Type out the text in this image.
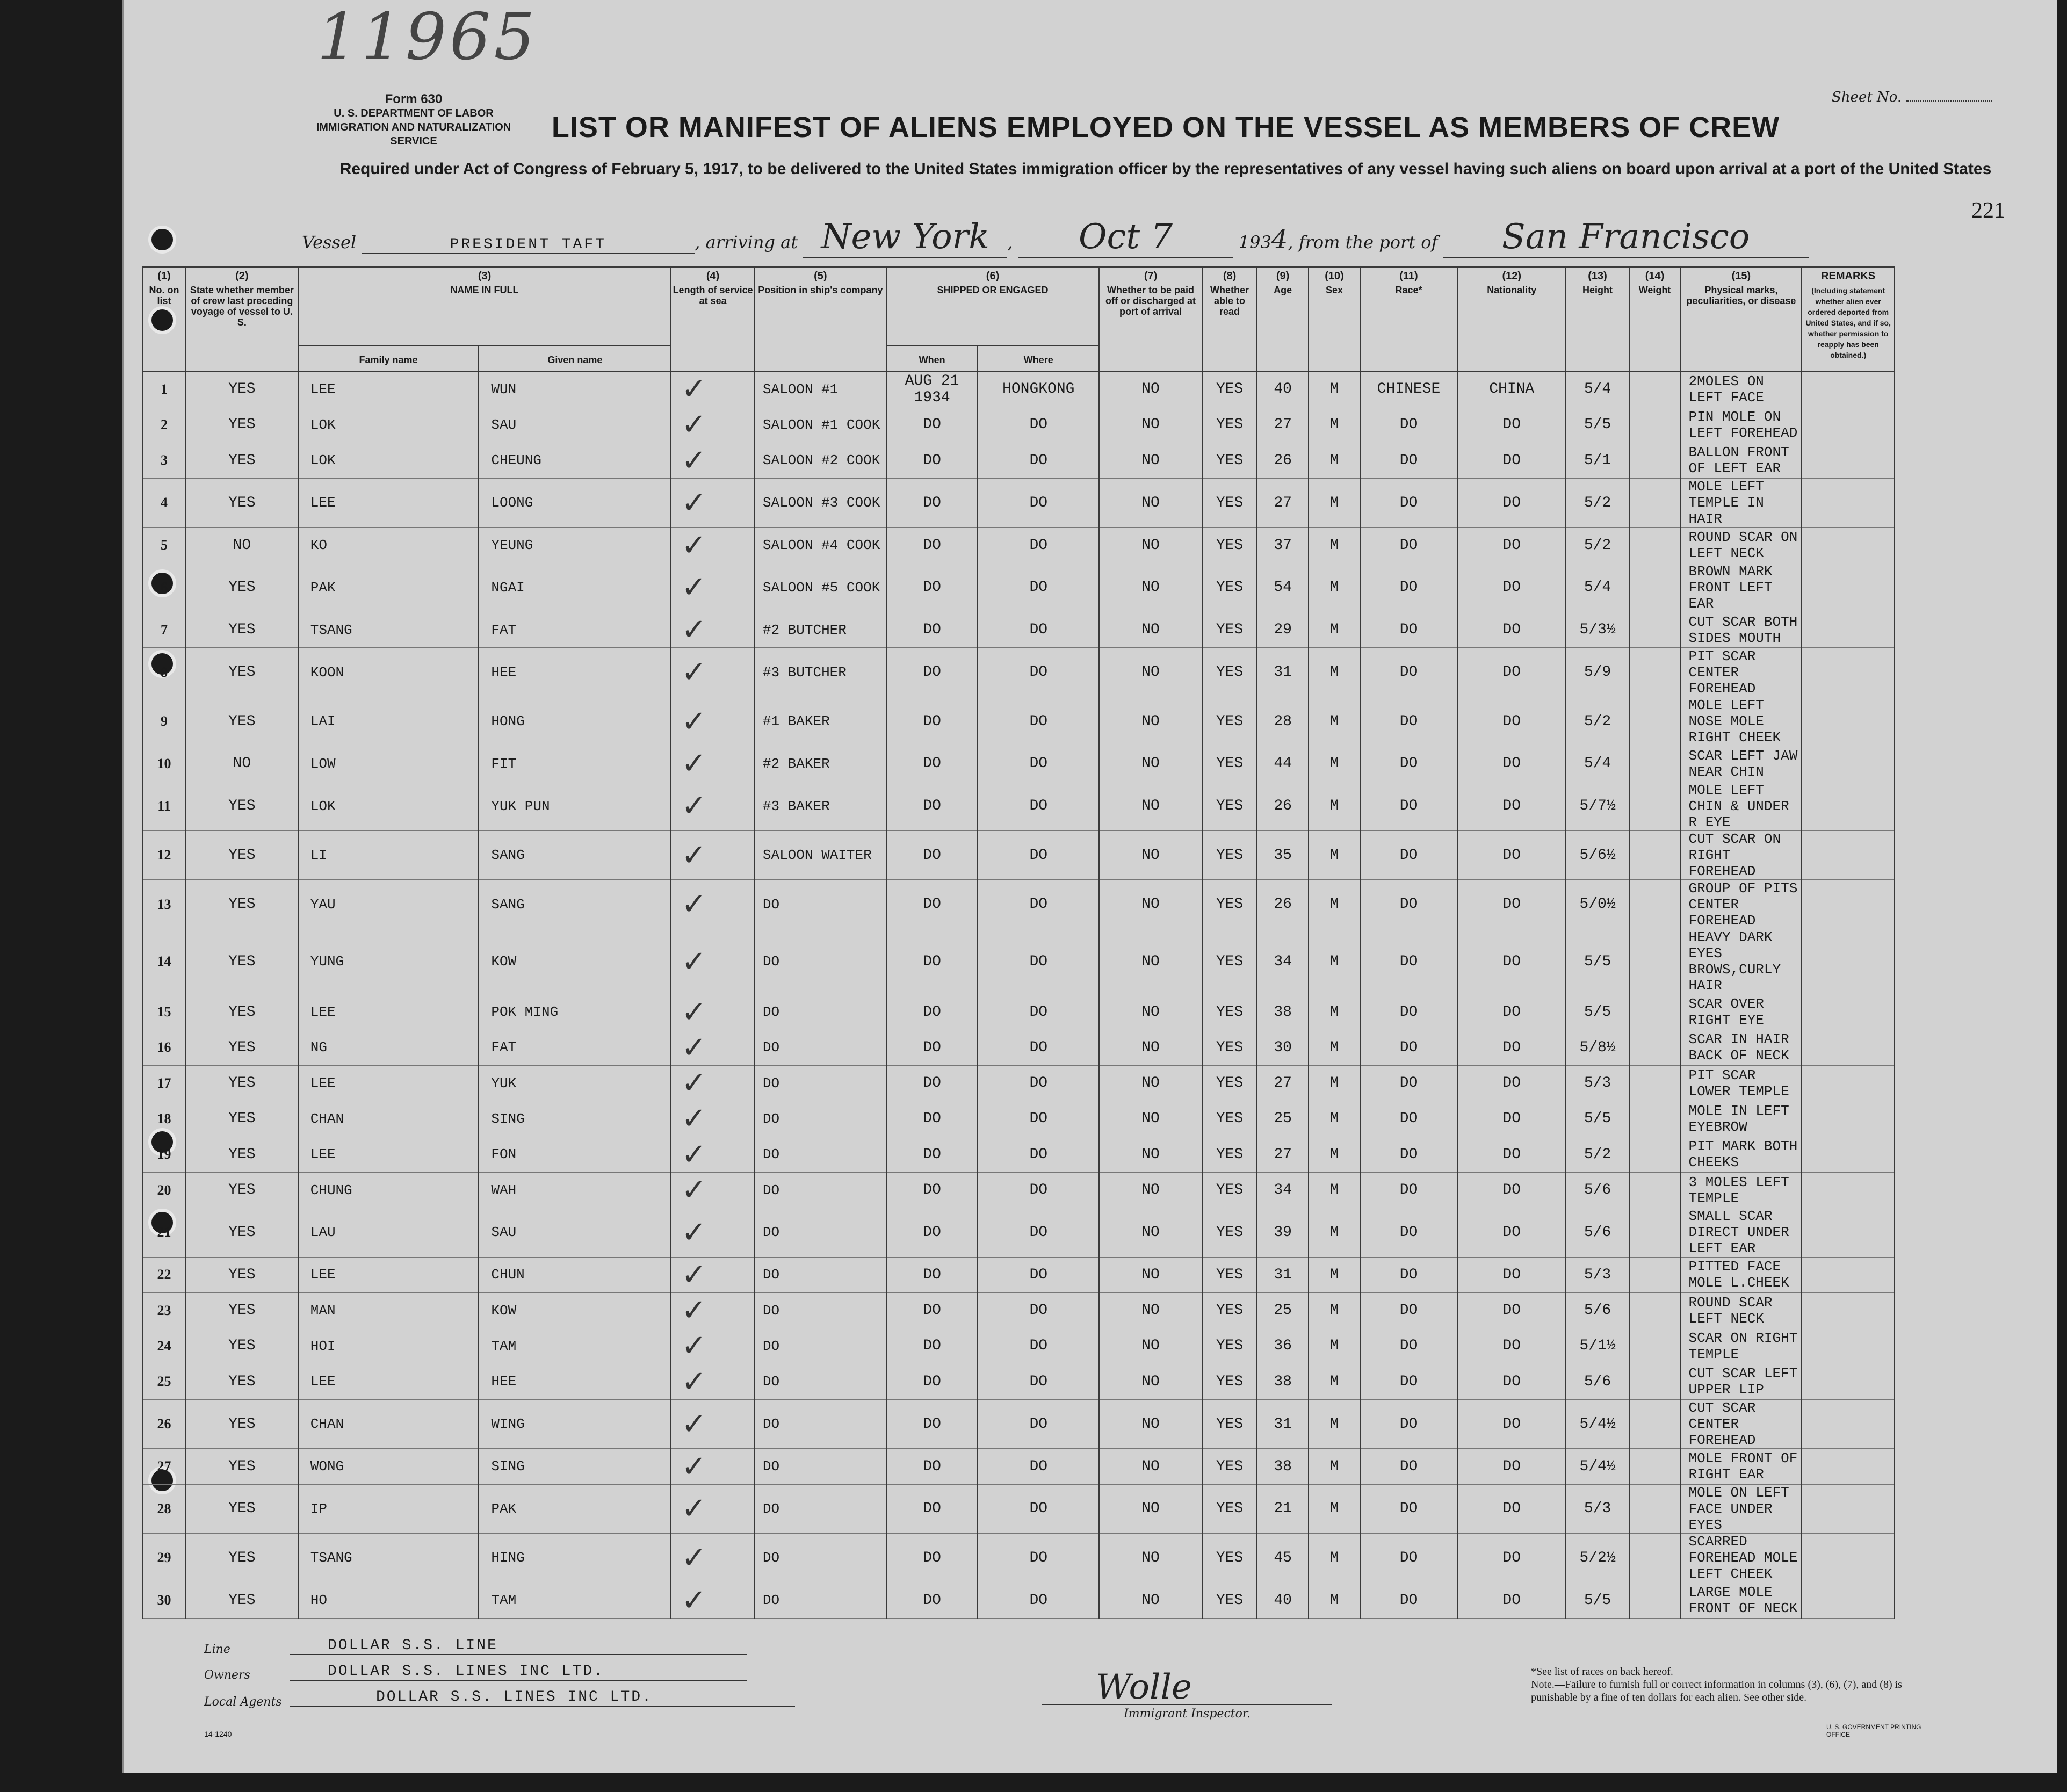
11965
Form 630
U. S. DEPARTMENT OF LABOR
IMMIGRATION AND NATURALIZATION SERVICE
Sheet No.
LIST OR MANIFEST OF ALIENS EMPLOYED ON THE VESSEL AS MEMBERS OF CREW
Required under Act of Congress of February 5, 1917, to be delivered to the United States immigration officer by the representatives of any vessel having such aliens on board upon arrival at a port of the United States
Vessel	PRESIDENT TAFT	, arriving at New York , Oct 7	1934, from the port of San Francisco
221
(1)
No. on list	(2)
State whether member of crew last preceding voyage of vessel to U. S.	(3)
NAME IN FULL		(4)
Length of service at sea	(5)
Position in ship's company	(6)
SHIPPED OR ENGAGED		(7)
Whether to be paid off or discharged at port of arrival	(8)
Whether able to read	(9)
Age	(10)
Sex	(11)
Race*	(12)
Nationality	(13)
Height	(14)
Weight	(15)
Physical marks, peculiarities, or disease	REMARKS
(Including statement whether alien ever ordered deported from United States, and if so, whether permission to reapply has been obtained.)
		Family name	Given name			When	Where										
1	YES	LEE	WUN	✓	SALOON #1	AUG 21 1934	HONGKONG	NO	YES	40	M	CHINESE	CHINA	5/4		2MOLES ON LEFT FACE	
2	YES	LOK	SAU	✓	SALOON #1 COOK	DO	DO	NO	YES	27	M	DO	DO	5/5		PIN MOLE ON LEFT FOREHEAD	
3	YES	LOK	CHEUNG	✓	SALOON #2 COOK	DO	DO	NO	YES	26	M	DO	DO	5/1		BALLON FRONT OF LEFT EAR	
4	YES	LEE	LOONG	✓	SALOON #3 COOK	DO	DO	NO	YES	27	M	DO	DO	5/2		MOLE LEFT TEMPLE IN HAIR	
5	NO	KO	YEUNG	✓	SALOON #4 COOK	DO	DO	NO	YES	37	M	DO	DO	5/2		ROUND SCAR ON LEFT NECK	
6	YES	PAK	NGAI	✓	SALOON #5 COOK	DO	DO	NO	YES	54	M	DO	DO	5/4		BROWN MARK FRONT LEFT EAR	
7	YES	TSANG	FAT	✓	#2 BUTCHER	DO	DO	NO	YES	29	M	DO	DO	5/3½		CUT SCAR BOTH SIDES MOUTH	
8	YES	KOON	HEE	✓	#3 BUTCHER	DO	DO	NO	YES	31	M	DO	DO	5/9		PIT SCAR CENTER FOREHEAD	
9	YES	LAI	HONG	✓	#1 BAKER	DO	DO	NO	YES	28	M	DO	DO	5/2		MOLE LEFT NOSE MOLE RIGHT CHEEK	
10	NO	LOW	FIT	✓	#2 BAKER	DO	DO	NO	YES	44	M	DO	DO	5/4		SCAR LEFT JAW NEAR CHIN	
11	YES	LOK	YUK PUN	✓	#3 BAKER	DO	DO	NO	YES	26	M	DO	DO	5/7½		MOLE LEFT CHIN & UNDER R EYE	
12	YES	LI	SANG	✓	SALOON WAITER	DO	DO	NO	YES	35	M	DO	DO	5/6½		CUT SCAR ON RIGHT FOREHEAD	
13	YES	YAU	SANG	✓	DO	DO	DO	NO	YES	26	M	DO	DO	5/0½		GROUP OF PITS CENTER FOREHEAD	
14	YES	YUNG	KOW	✓	DO	DO	DO	NO	YES	34	M	DO	DO	5/5		HEAVY DARK EYES BROWS,CURLY HAIR	
15	YES	LEE	POK MING	✓	DO	DO	DO	NO	YES	38	M	DO	DO	5/5		SCAR OVER RIGHT EYE	
16	YES	NG	FAT	✓	DO	DO	DO	NO	YES	30	M	DO	DO	5/8½		SCAR IN HAIR BACK OF NECK	
17	YES	LEE	YUK	✓	DO	DO	DO	NO	YES	27	M	DO	DO	5/3		PIT SCAR LOWER TEMPLE	
18	YES	CHAN	SING	✓	DO	DO	DO	NO	YES	25	M	DO	DO	5/5		MOLE IN LEFT EYEBROW	
19	YES	LEE	FON	✓	DO	DO	DO	NO	YES	27	M	DO	DO	5/2		PIT MARK BOTH CHEEKS	
20	YES	CHUNG	WAH	✓	DO	DO	DO	NO	YES	34	M	DO	DO	5/6		3 MOLES LEFT TEMPLE	
21	YES	LAU	SAU	✓	DO	DO	DO	NO	YES	39	M	DO	DO	5/6		SMALL SCAR DIRECT UNDER LEFT EAR	
22	YES	LEE	CHUN	✓	DO	DO	DO	NO	YES	31	M	DO	DO	5/3		PITTED FACE MOLE L.CHEEK	
23	YES	MAN	KOW	✓	DO	DO	DO	NO	YES	25	M	DO	DO	5/6		ROUND SCAR LEFT NECK	
24	YES	HOI	TAM	✓	DO	DO	DO	NO	YES	36	M	DO	DO	5/1½		SCAR ON RIGHT TEMPLE	
25	YES	LEE	HEE	✓	DO	DO	DO	NO	YES	38	M	DO	DO	5/6		CUT SCAR LEFT UPPER LIP	
26	YES	CHAN	WING	✓	DO	DO	DO	NO	YES	31	M	DO	DO	5/4½		CUT SCAR CENTER FOREHEAD	
27	YES	WONG	SING	✓	DO	DO	DO	NO	YES	38	M	DO	DO	5/4½		MOLE FRONT OF RIGHT EAR	
28	YES	IP	PAK	✓	DO	DO	DO	NO	YES	21	M	DO	DO	5/3		MOLE ON LEFT FACE UNDER EYES	
29	YES	TSANG	HING	✓	DO	DO	DO	NO	YES	45	M	DO	DO	5/2½		SCARRED FOREHEAD MOLE LEFT CHEEK	
30	YES	HO	TAM	✓	DO	DO	DO	NO	YES	40	M	DO	DO	5/5		LARGE MOLE FRONT OF NECK	

Line	DOLLAR S.S. LINE
Owners	DOLLAR S.S. LINES INC LTD.
Local Agents	DOLLAR S.S. LINES INC LTD.
14-1240
Wolle
Immigrant Inspector.
*See list of races on back hereof.
Note.—Failure to furnish full or correct information in columns (3), (6), (7), and (8) is punishable by a fine of ten dollars for each alien. See other side.
U. S. GOVERNMENT PRINTING OFFICE
